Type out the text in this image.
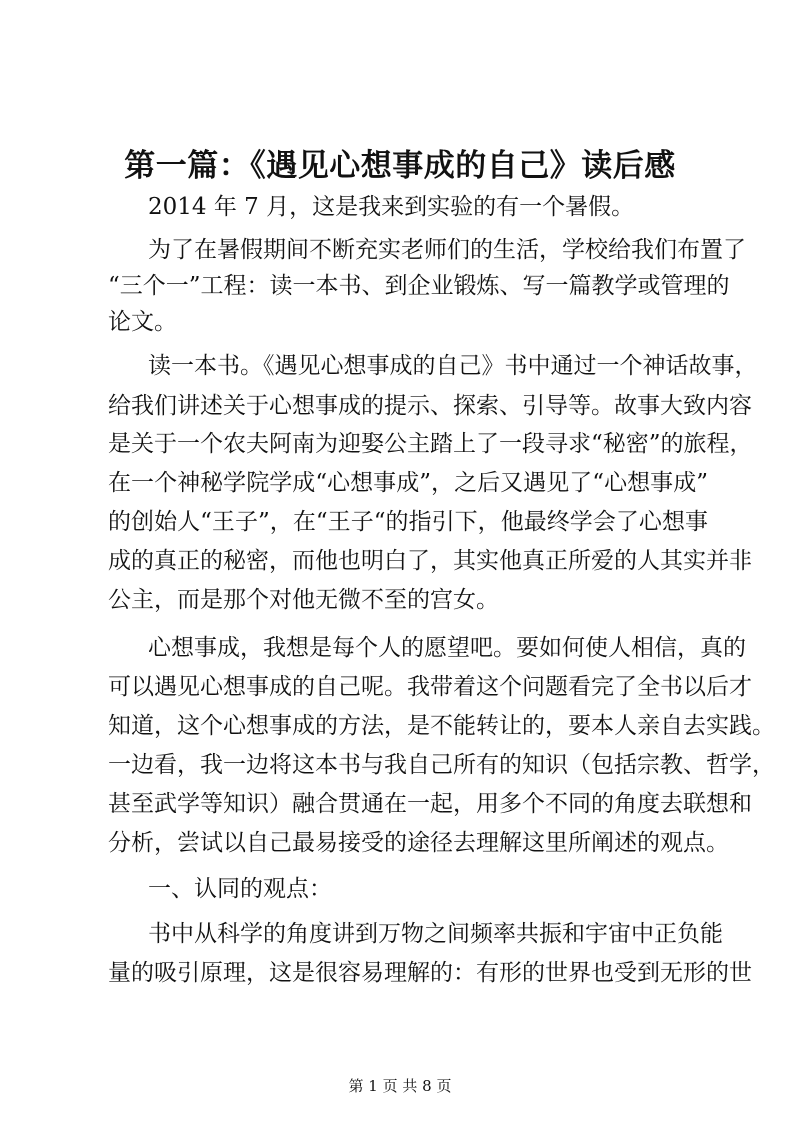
第一篇：《遇见心想事成的自己》读后感
2014 年 7 月，这是我来到实验的有一个暑假。
为了在暑假期间不断充实老师们的生活，学校给我们布置了
“三个一”工程：读一本书、到企业锻炼、写一篇教学或管理的
论文。
读一本书。《遇见心想事成的自己》书中通过一个神话故事，
给我们讲述关于心想事成的提示、探索、引导等。故事大致内容
是关于一个农夫阿南为迎娶公主踏上了一段寻求“秘密”的旅程，
在一个神秘学院学成“心想事成”，之后又遇见了“心想事成”
的创始人“王子”，在“王子“的指引下，他最终学会了心想事
成的真正的秘密，而他也明白了，其实他真正所爱的人其实并非
公主，而是那个对他无微不至的宫女。
心想事成，我想是每个人的愿望吧。要如何使人相信，真的
可以遇见心想事成的自己呢。我带着这个问题看完了全书以后才
知道，这个心想事成的方法，是不能转让的，要本人亲自去实践。
一边看，我一边将这本书与我自己所有的知识（包括宗教、哲学，
甚至武学等知识）融合贯通在一起，用多个不同的角度去联想和
分析，尝试以自己最易接受的途径去理解这里所阐述的观点。
一、认同的观点：
书中从科学的角度讲到万物之间频率共振和宇宙中正负能
量的吸引原理，这是很容易理解的：有形的世界也受到无形的世
第 1 页 共 8 页
